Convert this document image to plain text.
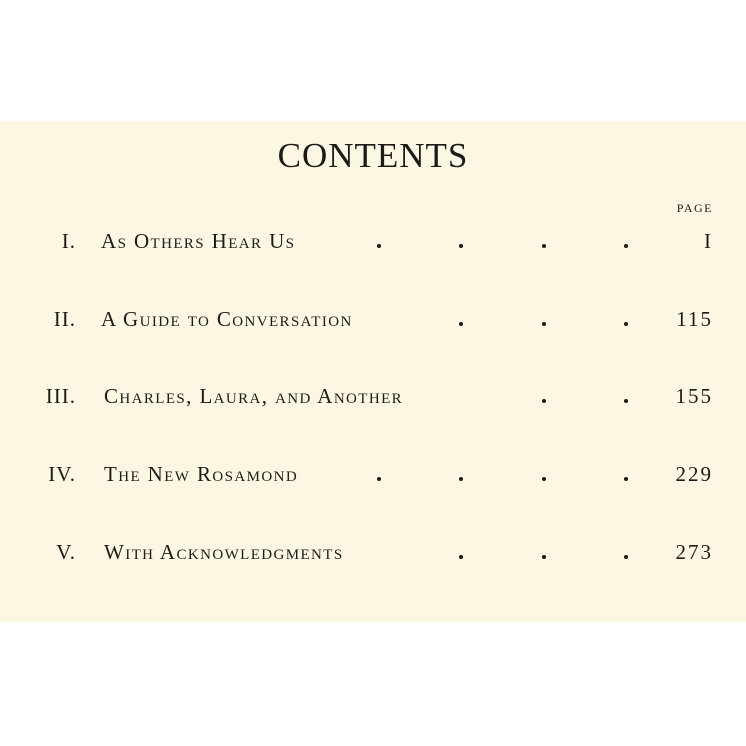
CONTENTS
PAGE
I. As Others Hear Us	I
II. A Guide to Conversation	115
III. Charles, Laura, and Another	155
IV. The New Rosamond	229
V. With Acknowledgments	273
